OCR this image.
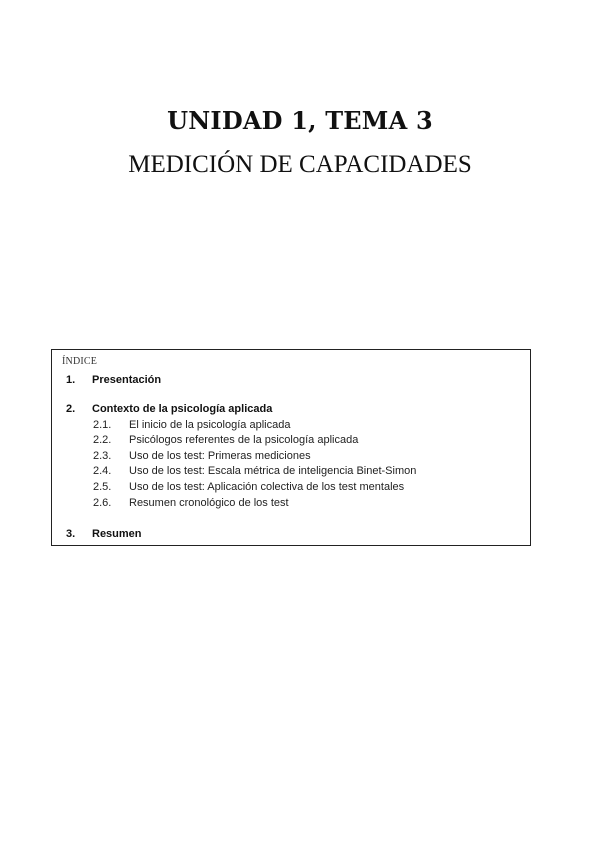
UNIDAD 1, TEMA 3
MEDICIÓN DE CAPACIDADES
ÍNDICE
1. Presentación
2. Contexto de la psicología aplicada
2.1. El inicio de la psicología aplicada
2.2. Psicólogos referentes de la psicología aplicada
2.3. Uso de los test: Primeras mediciones
2.4. Uso de los test: Escala métrica de inteligencia Binet-Simon
2.5. Uso de los test: Aplicación colectiva de los test mentales
2.6. Resumen cronológico de los test
3. Resumen
